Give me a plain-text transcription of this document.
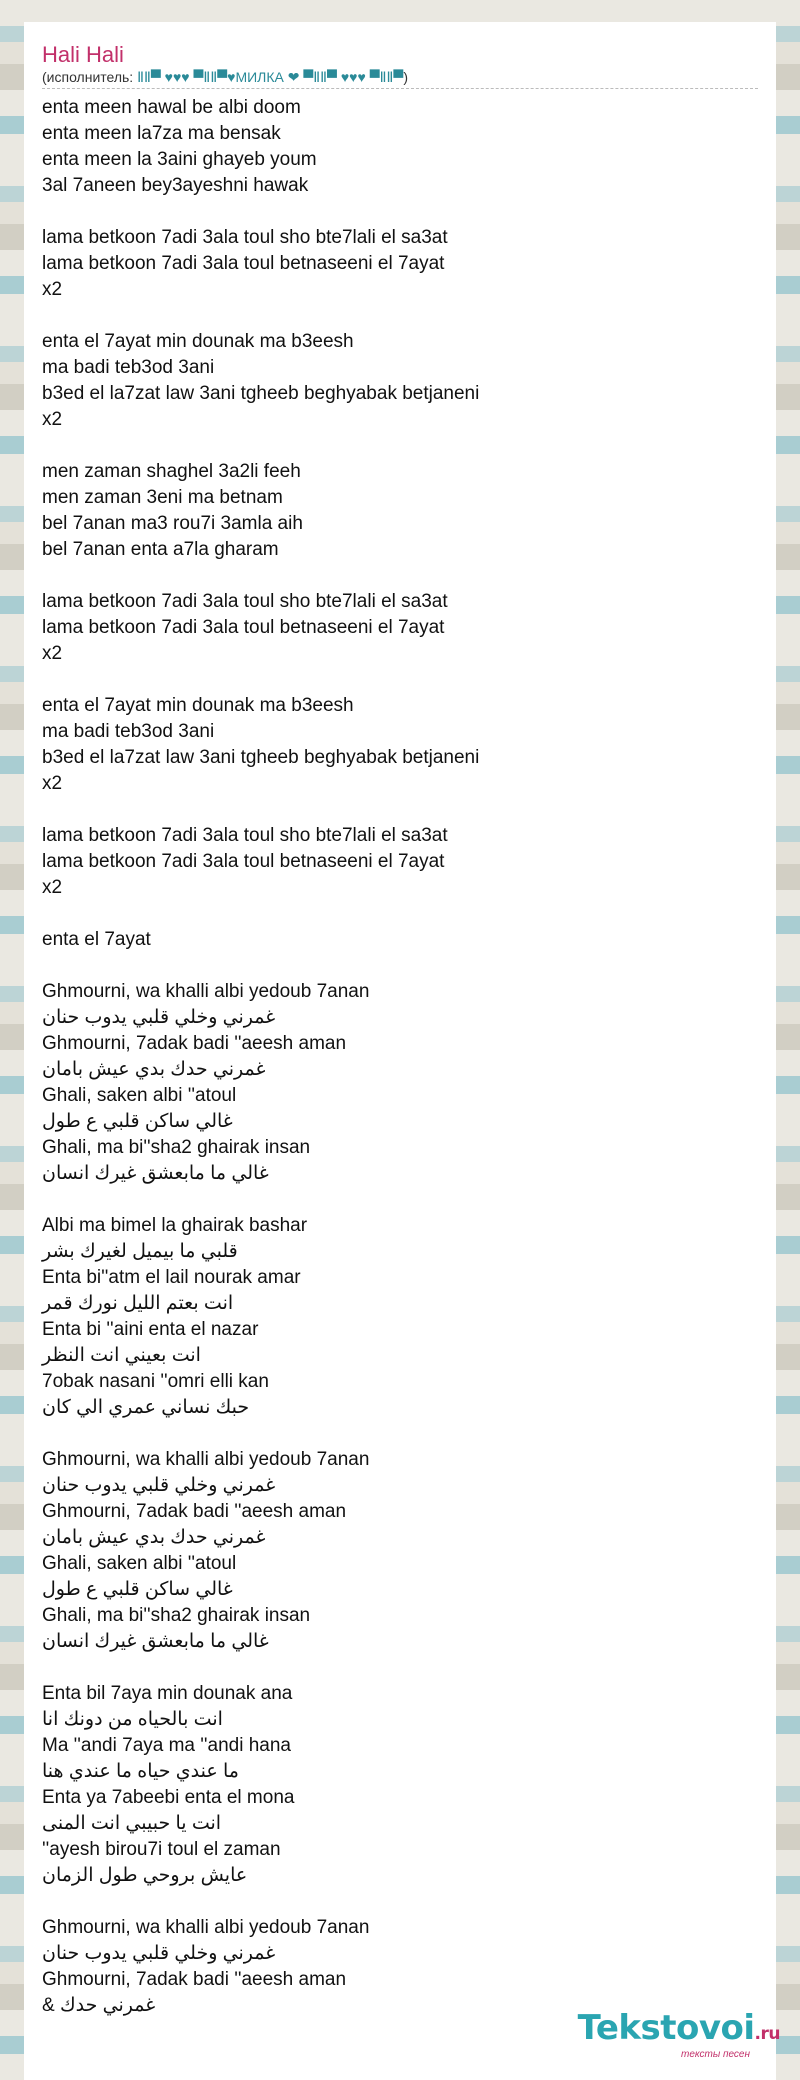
Hali Hali
(исполнитель: ⅡⅡ▀ ♥♥♥ ▀ⅡⅡ▀♥МИЛКА ❤ ▀ⅡⅡ▀ ♥♥♥ ▀ⅡⅡ▀)
enta meen hawal be albi doom
enta meen la7za ma bensak
enta meen la 3aini ghayeb youm
3al 7aneen bey3ayeshni hawak
lama betkoon 7adi 3ala toul sho bte7lali el sa3at
lama betkoon 7adi 3ala toul betnaseeni el 7ayat
x2
enta el 7ayat min dounak ma b3eesh
ma badi teb3od 3ani
b3ed el la7zat law 3ani tgheeb beghyabak betjaneni
x2
men zaman shaghel 3a2li feeh
men zaman 3eni ma betnam
bel 7anan ma3 rou7i 3amla aih
bel 7anan enta a7la gharam
lama betkoon 7adi 3ala toul sho bte7lali el sa3at
lama betkoon 7adi 3ala toul betnaseeni el 7ayat
x2
enta el 7ayat min dounak ma b3eesh
ma badi teb3od 3ani
b3ed el la7zat law 3ani tgheeb beghyabak betjaneni
x2
lama betkoon 7adi 3ala toul sho bte7lali el sa3at
lama betkoon 7adi 3ala toul betnaseeni el 7ayat
x2
enta el 7ayat
Ghmourni, wa khalli albi yedoub 7anan
غمرني وخلي قلبي يدوب حنان
Ghmourni, 7adak badi ''aeesh aman
غمرني حدك بدي عيش بامان
Ghali, saken albi ''atoul
غالي ساكن قلبي ع طول
Ghali, ma bi''sha2 ghairak insan
غالي ما مابعشق غيرك انسان
Albi ma bimel la ghairak bashar
قلبي ما بيميل لغيرك بشر
Enta bi''atm el lail nourak amar
انت بعتم الليل نورك قمر
Enta bi ''aini enta el nazar
انت بعيني انت النظر
7obak nasani ''omri elli kan
حبك نساني عمري الي كان
Ghmourni, wa khalli albi yedoub 7anan
غمرني وخلي قلبي يدوب حنان
Ghmourni, 7adak badi ''aeesh aman
غمرني حدك بدي عيش بامان
Ghali, saken albi ''atoul
غالي ساكن قلبي ع طول
Ghali, ma bi''sha2 ghairak insan
غالي ما مابعشق غيرك انسان
Enta bil 7aya min dounak ana
انت بالحياه من دونك انا
Ma ''andi 7aya ma ''andi hana
ما عندي حياه ما عندي هنا
Enta ya 7abeebi enta el mona
انت يا حبيبي انت المنى
''ayesh birou7i toul el zaman
عايش بروحي طول الزمان
Ghmourni, wa khalli albi yedoub 7anan
غمرني وخلي قلبي يدوب حنان
Ghmourni, 7adak badi ''aeesh aman
غمرني حدك &
Tekstovoi.ru
тексты песен
